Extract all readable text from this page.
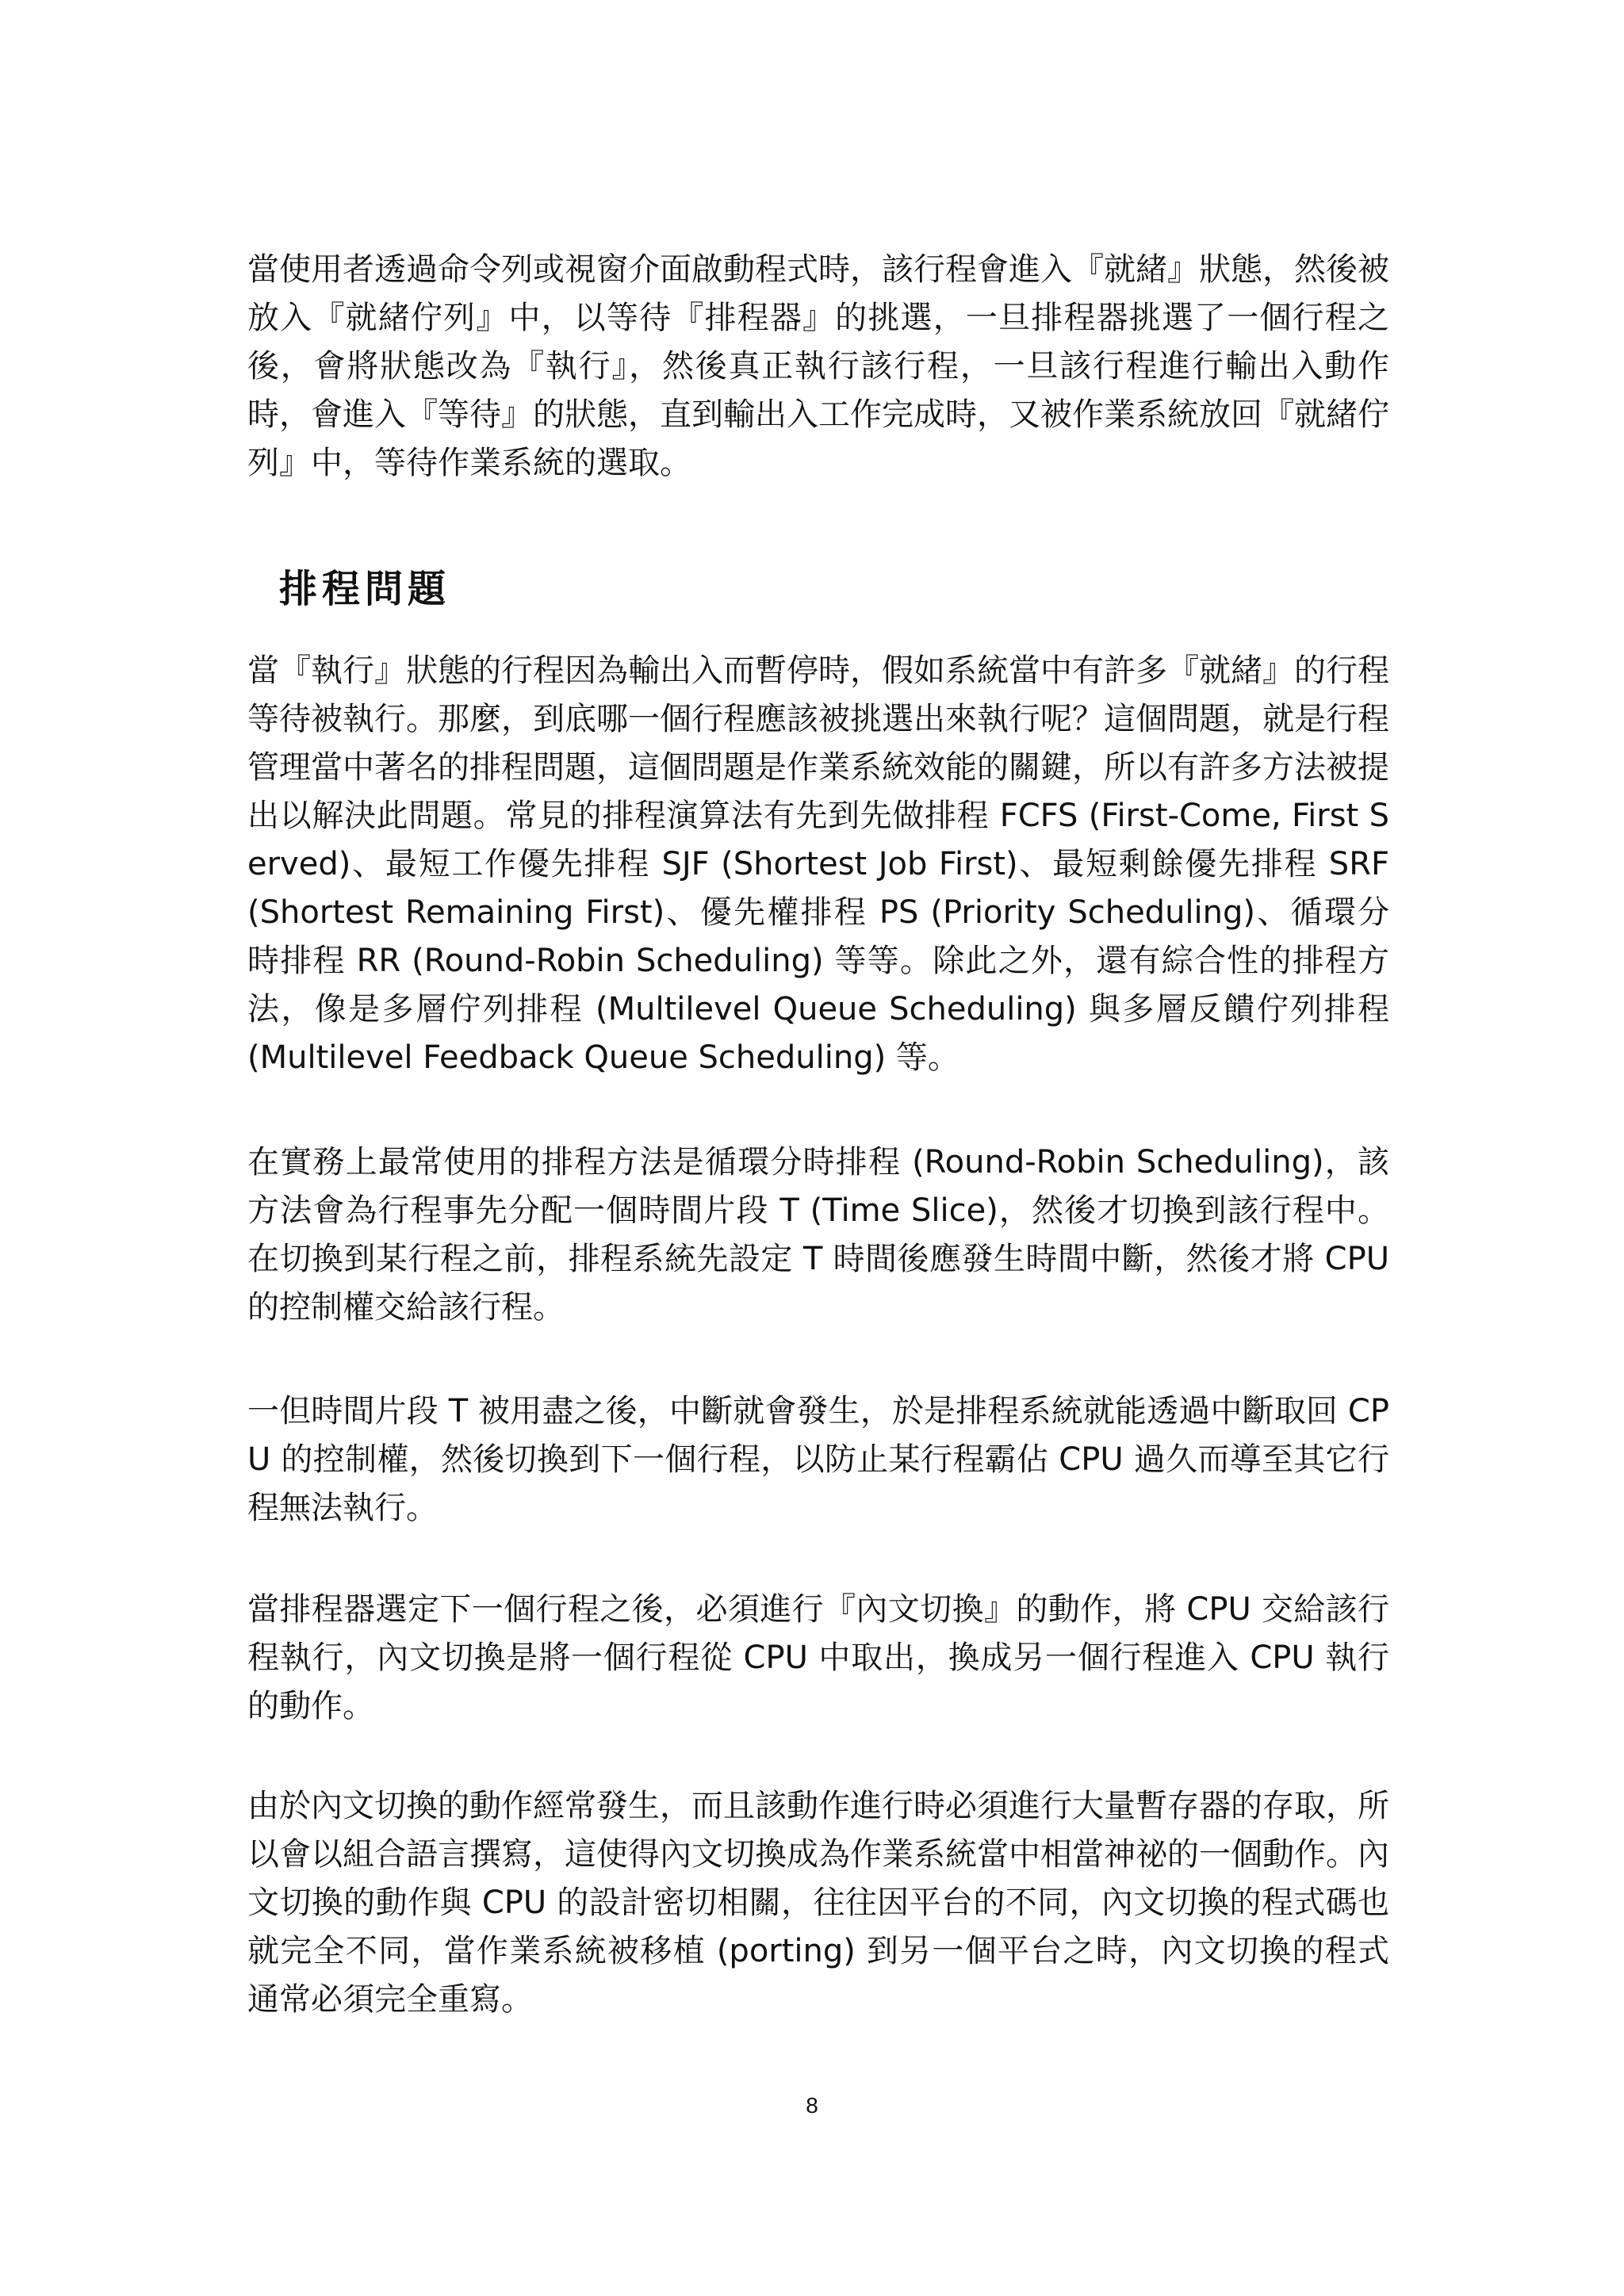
當使用者透過命令列或視窗介面啟動程式時，該行程會進入『就緒』狀態，然後被放入『就緒佇列』中，以等待『排程器』的挑選，一旦排程器挑選了一個行程之後，會將狀態改為『執行』，然後真正執行該行程，一旦該行程進行輸出入動作時，會進入『等待』的狀態，直到輸出入工作完成時，又被作業系統放回『就緒佇列』中，等待作業系統的選取。

排程問題

當『執行』狀態的行程因為輸出入而暫停時，假如系統當中有許多『就緒』的行程等待被執行。那麼，到底哪一個行程應該被挑選出來執行呢？這個問題，就是行程管理當中著名的排程問題，這個問題是作業系統效能的關鍵，所以有許多方法被提出以解決此問題。常見的排程演算法有先到先做排程 FCFS (First-Come, First Served)、最短工作優先排程 SJF (Shortest Job First)、最短剩餘優先排程 SRF (Shortest Remaining First)、優先權排程 PS (Priority Scheduling)、循環分時排程 RR (Round-Robin Scheduling) 等等。除此之外，還有綜合性的排程方法，像是多層佇列排程 (Multilevel Queue Scheduling) 與多層反饋佇列排程 (Multilevel Feedback Queue Scheduling) 等。

在實務上最常使用的排程方法是循環分時排程 (Round-Robin Scheduling)，該方法會為行程事先分配一個時間片段 T (Time Slice)，然後才切換到該行程中。在切換到某行程之前，排程系統先設定 T 時間後應發生時間中斷，然後才將 CPU 的控制權交給該行程。

一但時間片段 T 被用盡之後，中斷就會發生，於是排程系統就能透過中斷取回 CPU 的控制權，然後切換到下一個行程，以防止某行程霸佔 CPU 過久而導至其它行程無法執行。

當排程器選定下一個行程之後，必須進行『內文切換』的動作，將 CPU 交給該行程執行，內文切換是將一個行程從 CPU 中取出，換成另一個行程進入 CPU 執行的動作。

由於內文切換的動作經常發生，而且該動作進行時必須進行大量暫存器的存取，所以會以組合語言撰寫，這使得內文切換成為作業系統當中相當神祕的一個動作。內文切換的動作與 CPU 的設計密切相關，往往因平台的不同，內文切換的程式碼也就完全不同，當作業系統被移植 (porting) 到另一個平台之時，內文切換的程式通常必須完全重寫。

8
